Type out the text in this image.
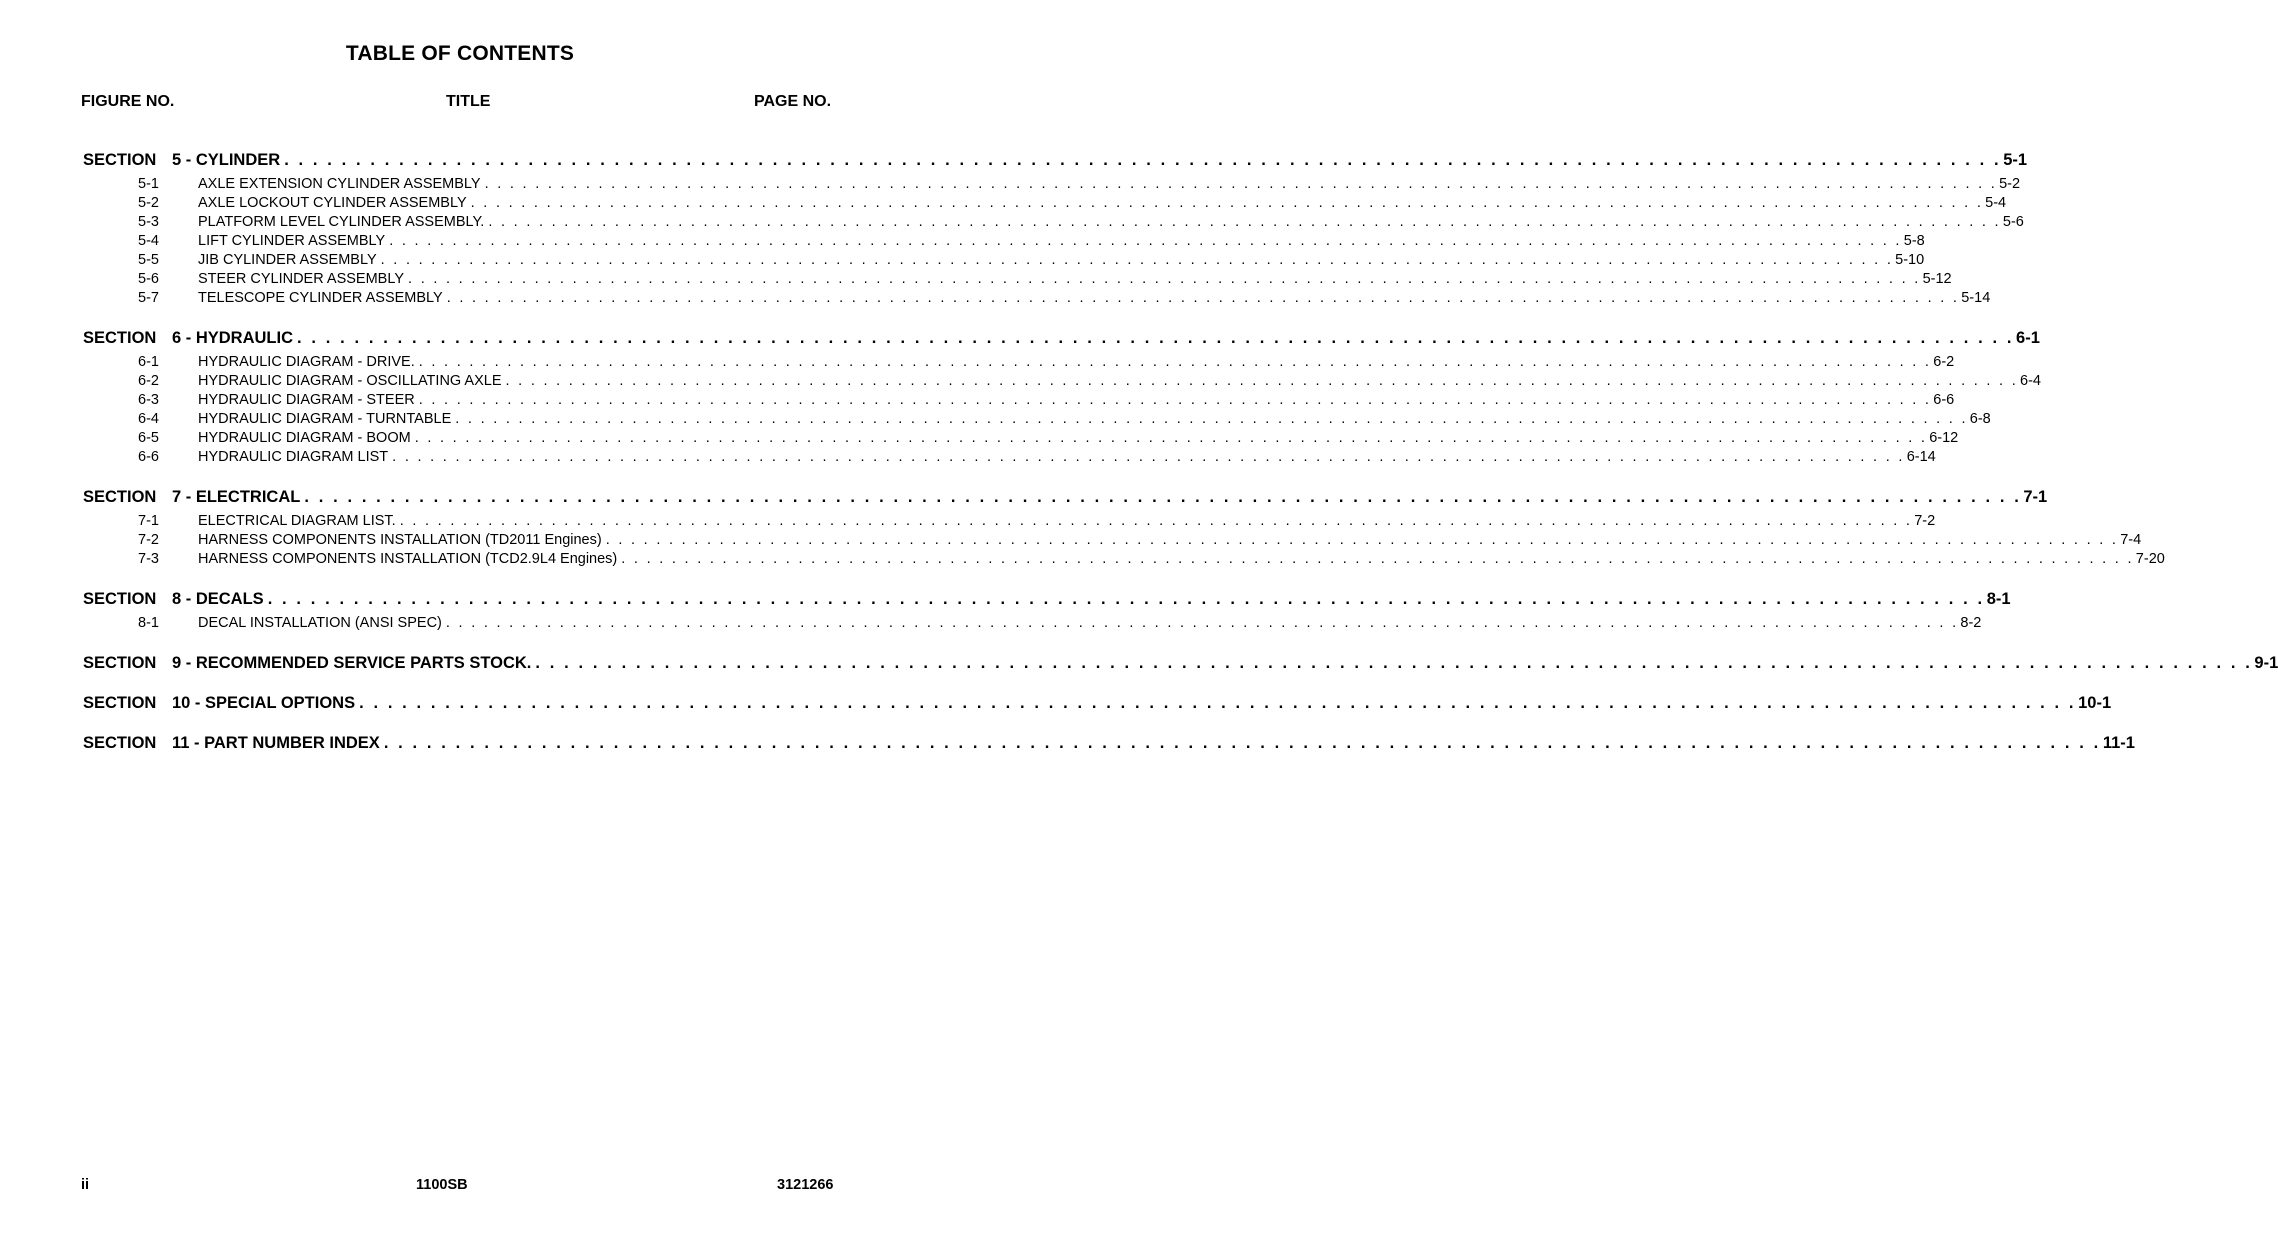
TABLE OF CONTENTS
FIGURE NO.	TITLE	PAGE NO.
SECTION 5 - CYLINDER . . . . . . . . . . . . . . . . . . . . . . . . . . . . . . . . . . . . . . . . . . . . . . . . . . . . . . . . . . . . . . . . . . . . . . . . . . . . . . . . . . . . . . . . . . . . . . . . . . . . . . . . . . . . . . . . . . . . . . . . 5-1
5-1	AXLE EXTENSION CYLINDER ASSEMBLY . . . . . . . . . . . . . . . . . . . . . . . . . . . . . . . . . . . . . . . . . . . . . . . . . . . . . . . . . . . . . . . . . . . . . . . . . . . . . . . . . . . . . . . . . . . . . . . . . . . . . . . . . . . . . . . . . . . . . . . . 5-2
5-2	AXLE LOCKOUT CYLINDER ASSEMBLY . . . . . . . . . . . . . . . . . . . . . . . . . . . . . . . . . . . . . . . . . . . . . . . . . . . . . . . . . . . . . . . . . . . . . . . . . . . . . . . . . . . . . . . . . . . . . . . . . . . . . . . . . . . . . . . . . . . . . . . . 5-4
5-3	PLATFORM LEVEL CYLINDER ASSEMBLY. . . . . . . . . . . . . . . . . . . . . . . . . . . . . . . . . . . . . . . . . . . . . . . . . . . . . . . . . . . . . . . . . . . . . . . . . . . . . . . . . . . . . . . . . . . . . . . . . . . . . . . . . . . . . . . . . . . . . . . . . 5-6
5-4	LIFT CYLINDER ASSEMBLY . . . . . . . . . . . . . . . . . . . . . . . . . . . . . . . . . . . . . . . . . . . . . . . . . . . . . . . . . . . . . . . . . . . . . . . . . . . . . . . . . . . . . . . . . . . . . . . . . . . . . . . . . . . . . . . . . . . . . . . . 5-8
5-5	JIB CYLINDER ASSEMBLY . . . . . . . . . . . . . . . . . . . . . . . . . . . . . . . . . . . . . . . . . . . . . . . . . . . . . . . . . . . . . . . . . . . . . . . . . . . . . . . . . . . . . . . . . . . . . . . . . . . . . . . . . . . . . . . . . . . . . . . . 5-10
5-6	STEER CYLINDER ASSEMBLY . . . . . . . . . . . . . . . . . . . . . . . . . . . . . . . . . . . . . . . . . . . . . . . . . . . . . . . . . . . . . . . . . . . . . . . . . . . . . . . . . . . . . . . . . . . . . . . . . . . . . . . . . . . . . . . . . . . . . . . . 5-12
5-7	TELESCOPE CYLINDER ASSEMBLY . . . . . . . . . . . . . . . . . . . . . . . . . . . . . . . . . . . . . . . . . . . . . . . . . . . . . . . . . . . . . . . . . . . . . . . . . . . . . . . . . . . . . . . . . . . . . . . . . . . . . . . . . . . . . . . . . . . . . . . . 5-14
SECTION 6 - HYDRAULIC . . . . . . . . . . . . . . . . . . . . . . . . . . . . . . . . . . . . . . . . . . . . . . . . . . . . . . . . . . . . . . . . . . . . . . . . . . . . . . . . . . . . . . . . . . . . . . . . . . . . . . . . . . . . . . . . . . . . . . . . 6-1
6-1	HYDRAULIC DIAGRAM - DRIVE. . . . . . . . . . . . . . . . . . . . . . . . . . . . . . . . . . . . . . . . . . . . . . . . . . . . . . . . . . . . . . . . . . . . . . . . . . . . . . . . . . . . . . . . . . . . . . . . . . . . . . . . . . . . . . . . . . . . . . . . . 6-2
6-2	HYDRAULIC DIAGRAM - OSCILLATING AXLE . . . . . . . . . . . . . . . . . . . . . . . . . . . . . . . . . . . . . . . . . . . . . . . . . . . . . . . . . . . . . . . . . . . . . . . . . . . . . . . . . . . . . . . . . . . . . . . . . . . . . . . . . . . . . . . . . . . . . . . . 6-4
6-3	HYDRAULIC DIAGRAM - STEER . . . . . . . . . . . . . . . . . . . . . . . . . . . . . . . . . . . . . . . . . . . . . . . . . . . . . . . . . . . . . . . . . . . . . . . . . . . . . . . . . . . . . . . . . . . . . . . . . . . . . . . . . . . . . . . . . . . . . . . . 6-6
6-4	HYDRAULIC DIAGRAM - TURNTABLE . . . . . . . . . . . . . . . . . . . . . . . . . . . . . . . . . . . . . . . . . . . . . . . . . . . . . . . . . . . . . . . . . . . . . . . . . . . . . . . . . . . . . . . . . . . . . . . . . . . . . . . . . . . . . . . . . . . . . . . . 6-8
6-5	HYDRAULIC DIAGRAM - BOOM . . . . . . . . . . . . . . . . . . . . . . . . . . . . . . . . . . . . . . . . . . . . . . . . . . . . . . . . . . . . . . . . . . . . . . . . . . . . . . . . . . . . . . . . . . . . . . . . . . . . . . . . . . . . . . . . . . . . . . . . 6-12
6-6	HYDRAULIC DIAGRAM LIST . . . . . . . . . . . . . . . . . . . . . . . . . . . . . . . . . . . . . . . . . . . . . . . . . . . . . . . . . . . . . . . . . . . . . . . . . . . . . . . . . . . . . . . . . . . . . . . . . . . . . . . . . . . . . . . . . . . . . . . . 6-14
SECTION 7 - ELECTRICAL . . . . . . . . . . . . . . . . . . . . . . . . . . . . . . . . . . . . . . . . . . . . . . . . . . . . . . . . . . . . . . . . . . . . . . . . . . . . . . . . . . . . . . . . . . . . . . . . . . . . . . . . . . . . . . . . . . . . . . . . 7-1
7-1	ELECTRICAL DIAGRAM LIST. . . . . . . . . . . . . . . . . . . . . . . . . . . . . . . . . . . . . . . . . . . . . . . . . . . . . . . . . . . . . . . . . . . . . . . . . . . . . . . . . . . . . . . . . . . . . . . . . . . . . . . . . . . . . . . . . . . . . . . . . 7-2
7-2	HARNESS COMPONENTS INSTALLATION (TD2011 Engines) . . . . . . . . . . . . . . . . . . . . . . . . . . . . . . . . . . . . . . . . . . . . . . . . . . . . . . . . . . . . . . . . . . . . . . . . . . . . . . . . . . . . . . . . . . . . . . . . . . . . . . . . . . . . . . . . . . . . . . . . 7-4
7-3	HARNESS COMPONENTS INSTALLATION (TCD2.9L4 Engines) . . . . . . . . . . . . . . . . . . . . . . . . . . . . . . . . . . . . . . . . . . . . . . . . . . . . . . . . . . . . . . . . . . . . . . . . . . . . . . . . . . . . . . . . . . . . . . . . . . . . . . . . . . . . . . . . . . . . . . . . 7-20
SECTION 8 - DECALS . . . . . . . . . . . . . . . . . . . . . . . . . . . . . . . . . . . . . . . . . . . . . . . . . . . . . . . . . . . . . . . . . . . . . . . . . . . . . . . . . . . . . . . . . . . . . . . . . . . . . . . . . . . . . . . . . . . . . . . . 8-1
8-1	DECAL INSTALLATION (ANSI SPEC) . . . . . . . . . . . . . . . . . . . . . . . . . . . . . . . . . . . . . . . . . . . . . . . . . . . . . . . . . . . . . . . . . . . . . . . . . . . . . . . . . . . . . . . . . . . . . . . . . . . . . . . . . . . . . . . . . . . . . . . . 8-2
SECTION 9 - RECOMMENDED SERVICE PARTS STOCK. . . . . . . . . . . . . . . . . . . . . . . . . . . . . . . . . . . . . . . . . . . . . . . . . . . . . . . . . . . . . . . . . . . . . . . . . . . . . . . . . . . . . . . . . . . . . . . . . . . . . . . . . . . . . . . . . . . . . . . . . 9-1
SECTION 10 - SPECIAL OPTIONS . . . . . . . . . . . . . . . . . . . . . . . . . . . . . . . . . . . . . . . . . . . . . . . . . . . . . . . . . . . . . . . . . . . . . . . . . . . . . . . . . . . . . . . . . . . . . . . . . . . . . . . . . . . . . . . . . . . . . . . . 10-1
SECTION 11 - PART NUMBER INDEX . . . . . . . . . . . . . . . . . . . . . . . . . . . . . . . . . . . . . . . . . . . . . . . . . . . . . . . . . . . . . . . . . . . . . . . . . . . . . . . . . . . . . . . . . . . . . . . . . . . . . . . . . . . . . . . . . . . . . . . . 11-1
ii	1100SB	3121266
